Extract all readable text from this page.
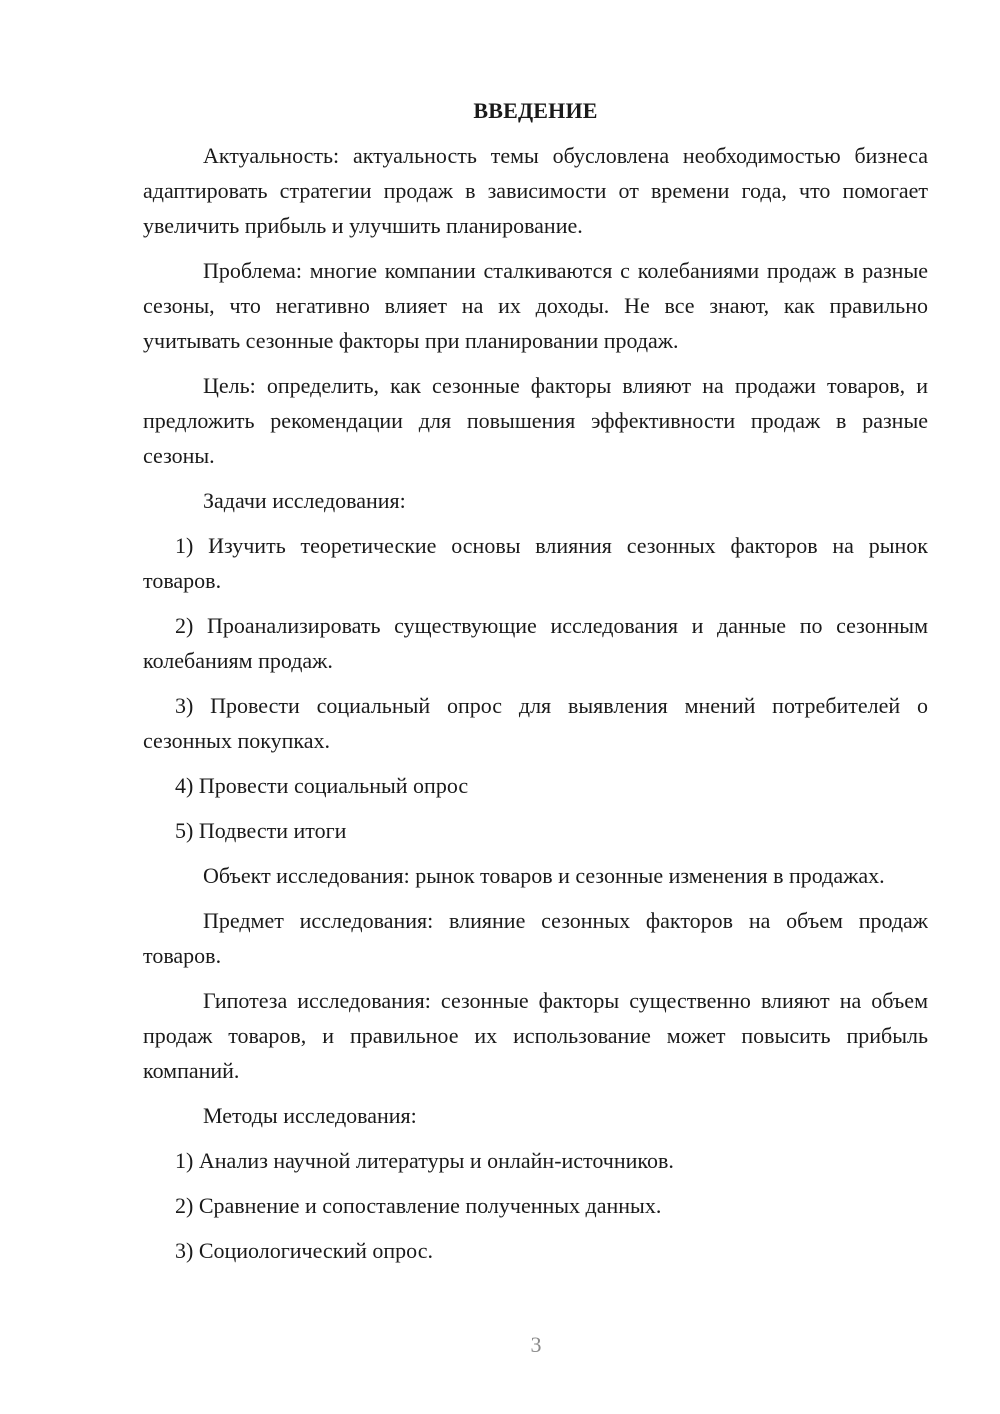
ВВЕДЕНИЕ

Актуальность: актуальность темы обусловлена необходимостью бизнеса адаптировать стратегии продаж в зависимости от времени года, что помогает увеличить прибыль и улучшить планирование.

Проблема: многие компании сталкиваются с колебаниями продаж в разные сезоны, что негативно влияет на их доходы. Не все знают, как правильно учитывать сезонные факторы при планировании продаж.

Цель: определить, как сезонные факторы влияют на продажи товаров, и предложить рекомендации для повышения эффективности продаж в разные сезоны.

Задачи исследования:

1) Изучить теоретические основы влияния сезонных факторов на рынок товаров.

2) Проанализировать существующие исследования и данные по сезонным колебаниям продаж.

3) Провести социальный опрос для выявления мнений потребителей о сезонных покупках.

4) Провести социальный опрос

5) Подвести итоги

Объект исследования: рынок товаров и сезонные изменения в продажах.

Предмет исследования: влияние сезонных факторов на объем продаж товаров.

Гипотеза исследования: сезонные факторы существенно влияют на объем продаж товаров, и правильное их использование может повысить прибыль компаний.

Методы исследования:

1) Анализ научной литературы и онлайн-источников.

2) Сравнение и сопоставление полученных данных.

3) Социологический опрос.

3
